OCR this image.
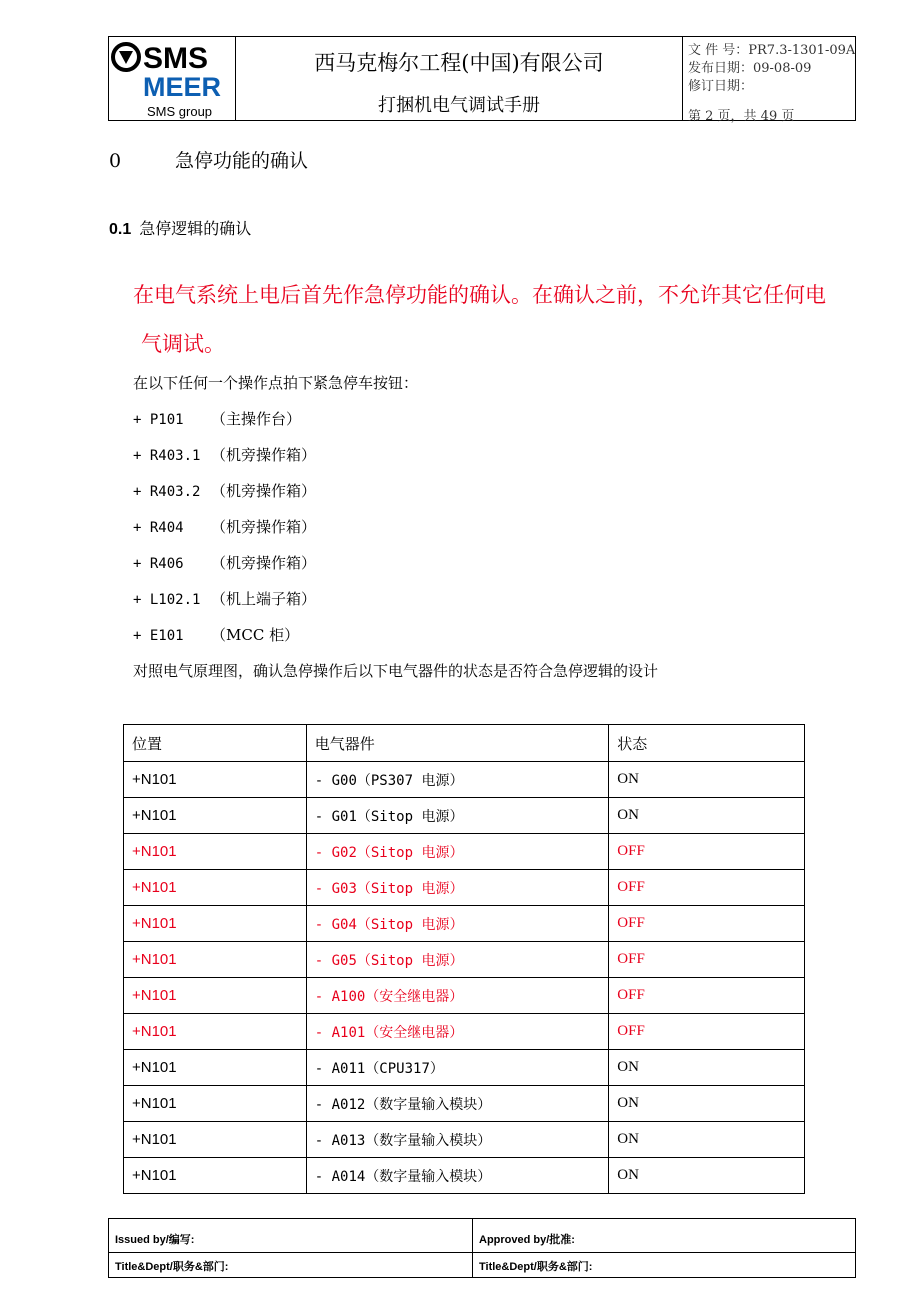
SMS
MEER
SMS group
西马克梅尔工程(中国)有限公司
打捆机电气调试手册
文 件 号：PR7.3-1301-09A
发布日期：09-08-09
修订日期：
第 2 页，共 49 页
0	急停功能的确认
0.1 急停逻辑的确认
在电气系统上电后首先作急停功能的确认。在确认之前，不允许其它任何电
气调试。
在以下任何一个操作点拍下紧急停车按钮：
+ P101 （主操作台）
+ R403.1 （机旁操作箱）
+ R403.2 （机旁操作箱）
+ R404 （机旁操作箱）
+ R406 （机旁操作箱）
+ L102.1 （机上端子箱）
+ E101 （MCC 柜）
对照电气原理图，确认急停操作后以下电气器件的状态是否符合急停逻辑的设计
位置	电气器件	状态
+N101	- G00（PS307 电源）	ON
+N101	- G01（Sitop 电源）	ON
+N101	- G02（Sitop 电源）	OFF
+N101	- G03（Sitop 电源）	OFF
+N101	- G04（Sitop 电源）	OFF
+N101	- G05（Sitop 电源）	OFF
+N101	- A100（安全继电器）	OFF
+N101	- A101（安全继电器）	OFF
+N101	- A011（CPU317）	ON
+N101	- A012（数字量输入模块）	ON
+N101	- A013（数字量输入模块）	ON
+N101	- A014（数字量输入模块）	ON
Issued by/编写:	Approved by/批准:
Title&Dept/职务&部门:	Title&Dept/职务&部门:
